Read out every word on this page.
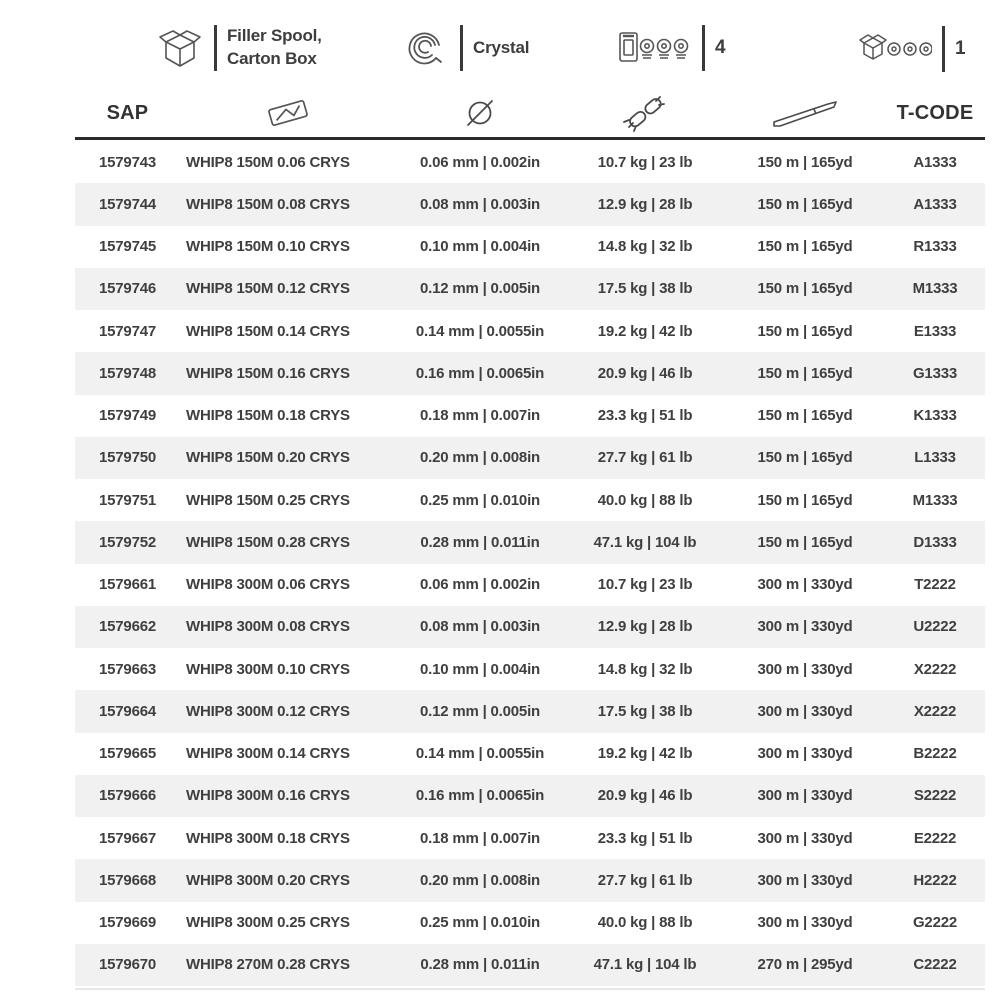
Filler Spool,
Carton Box
Crystal	4	1
SAP	T-CODE
1579743	WHIP8 150M 0.06 CRYS	0.06 mm | 0.002in	10.7 kg | 23 lb	150 m | 165yd	A1333
1579744	WHIP8 150M 0.08 CRYS	0.08 mm | 0.003in	12.9 kg | 28 lb	150 m | 165yd	A1333
1579745	WHIP8 150M 0.10 CRYS	0.10 mm | 0.004in	14.8 kg | 32 lb	150 m | 165yd	R1333
1579746	WHIP8 150M 0.12 CRYS	0.12 mm | 0.005in	17.5 kg | 38 lb	150 m | 165yd	M1333
1579747	WHIP8 150M 0.14 CRYS	0.14 mm | 0.0055in	19.2 kg | 42 lb	150 m | 165yd	E1333
1579748	WHIP8 150M 0.16 CRYS	0.16 mm | 0.0065in	20.9 kg | 46 lb	150 m | 165yd	G1333
1579749	WHIP8 150M 0.18 CRYS	0.18 mm | 0.007in	23.3 kg | 51 lb	150 m | 165yd	K1333
1579750	WHIP8 150M 0.20 CRYS	0.20 mm | 0.008in	27.7 kg | 61 lb	150 m | 165yd	L1333
1579751	WHIP8 150M 0.25 CRYS	0.25 mm | 0.010in	40.0 kg | 88 lb	150 m | 165yd	M1333
1579752	WHIP8 150M 0.28 CRYS	0.28 mm | 0.011in	47.1 kg | 104 lb	150 m | 165yd	D1333
1579661	WHIP8 300M 0.06 CRYS	0.06 mm | 0.002in	10.7 kg | 23 lb	300 m | 330yd	T2222
1579662	WHIP8 300M 0.08 CRYS	0.08 mm | 0.003in	12.9 kg | 28 lb	300 m | 330yd	U2222
1579663	WHIP8 300M 0.10 CRYS	0.10 mm | 0.004in	14.8 kg | 32 lb	300 m | 330yd	X2222
1579664	WHIP8 300M 0.12 CRYS	0.12 mm | 0.005in	17.5 kg | 38 lb	300 m | 330yd	X2222
1579665	WHIP8 300M 0.14 CRYS	0.14 mm | 0.0055in	19.2 kg | 42 lb	300 m | 330yd	B2222
1579666	WHIP8 300M 0.16 CRYS	0.16 mm | 0.0065in	20.9 kg | 46 lb	300 m | 330yd	S2222
1579667	WHIP8 300M 0.18 CRYS	0.18 mm | 0.007in	23.3 kg | 51 lb	300 m | 330yd	E2222
1579668	WHIP8 300M 0.20 CRYS	0.20 mm | 0.008in	27.7 kg | 61 lb	300 m | 330yd	H2222
1579669	WHIP8 300M 0.25 CRYS	0.25 mm | 0.010in	40.0 kg | 88 lb	300 m | 330yd	G2222
1579670	WHIP8 270M 0.28 CRYS	0.28 mm | 0.011in	47.1 kg | 104 lb	270 m | 295yd	C2222
